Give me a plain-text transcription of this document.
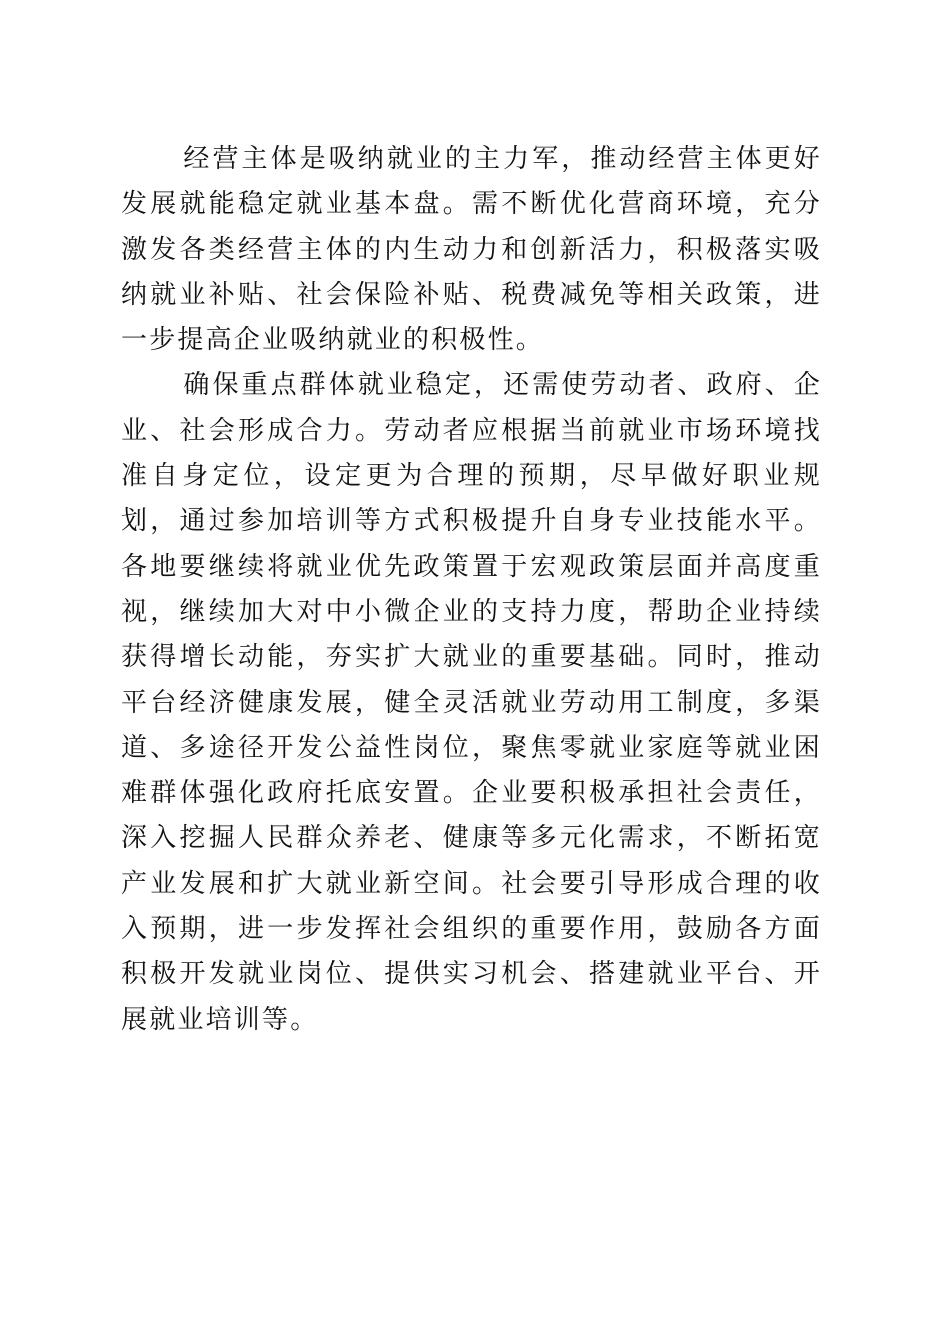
经营主体是吸纳就业的主力军，推动经营主体更好发展就能稳定就业基本盘。需不断优化营商环境，充分激发各类经营主体的内生动力和创新活力，积极落实吸纳就业补贴、社会保险补贴、税费减免等相关政策，进一步提高企业吸纳就业的积极性。

确保重点群体就业稳定，还需使劳动者、政府、企业、社会形成合力。劳动者应根据当前就业市场环境找准自身定位，设定更为合理的预期，尽早做好职业规划，通过参加培训等方式积极提升自身专业技能水平。各地要继续将就业优先政策置于宏观政策层面并高度重视，继续加大对中小微企业的支持力度，帮助企业持续获得增长动能，夯实扩大就业的重要基础。同时，推动平台经济健康发展，健全灵活就业劳动用工制度，多渠道、多途径开发公益性岗位，聚焦零就业家庭等就业困难群体强化政府托底安置。企业要积极承担社会责任，深入挖掘人民群众养老、健康等多元化需求，不断拓宽产业发展和扩大就业新空间。社会要引导形成合理的收入预期，进一步发挥社会组织的重要作用，鼓励各方面积极开发就业岗位、提供实习机会、搭建就业平台、开展就业培训等。
